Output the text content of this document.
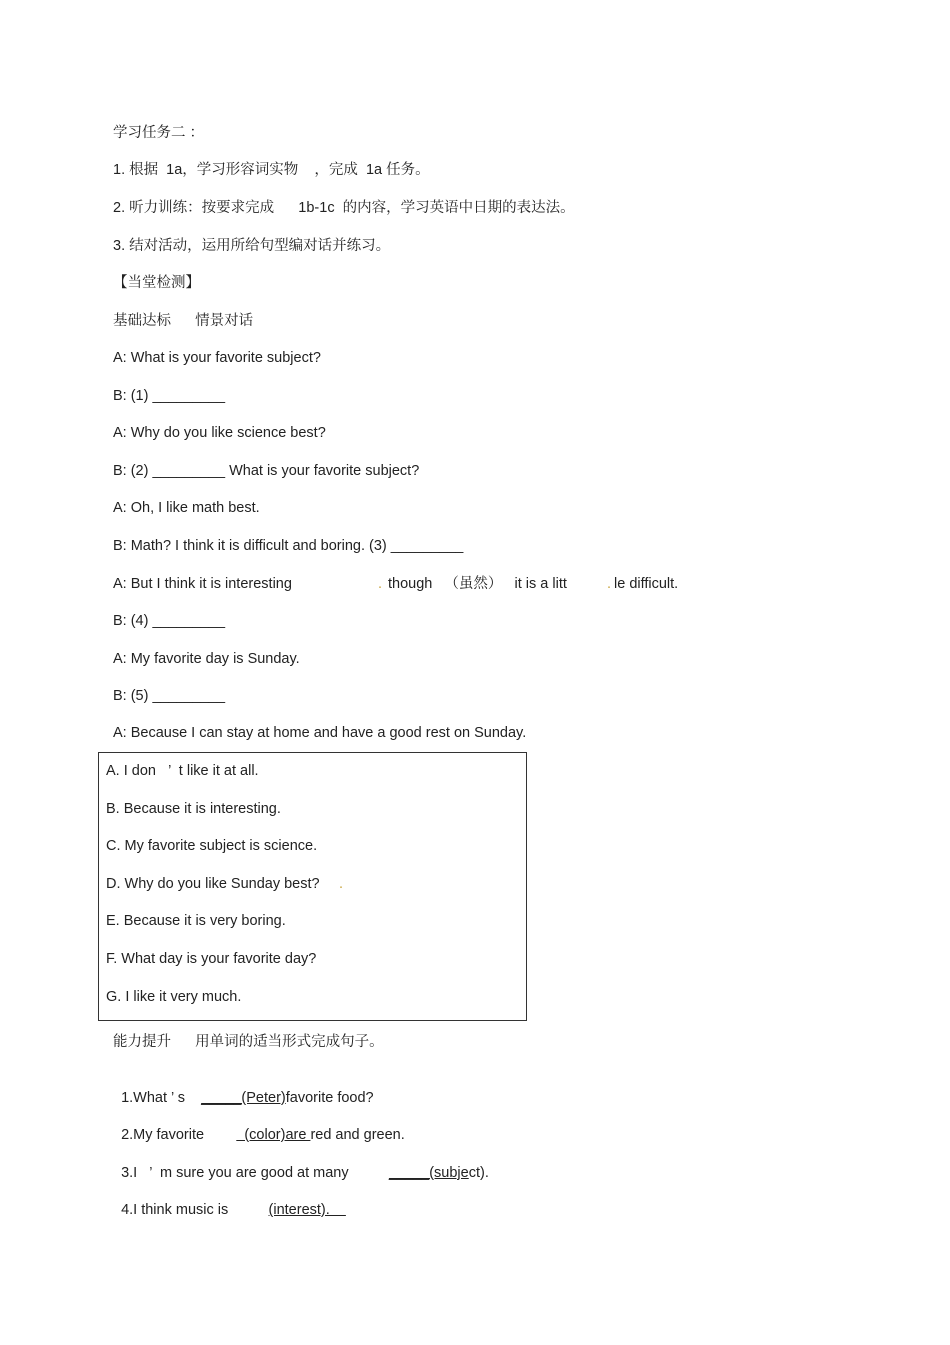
学习任务二 ：
1. 根据  1a，学习形容词实物    ，完成  1a 任务。
2. 听力训练：按要求完成      1b-1c  的内容，学习英语中日期的表达法。
3. 结对活动，运用所给句型编对话并练习。
【当堂检测】
基础达标      情景对话
A: What is your favorite subject?
B: (1) _________
A: Why do you like science best?
B: (2) _________ What is your favorite subject?
A: Oh, I like math best.
B: Math? I think it is difficult and boring. (3) _________
A: But I think it is interesting	. though   （虽然）   it is a litt	. le difficult.
B: (4) _________
A: My favorite day is Sunday.
B: (5) _________
A: Because I can stay at home and have a good rest on Sunday.
A. I don   ’  t like it at all.
B. Because it is interesting.
C. My favorite subject is science.
D. Why do you like Sunday best? .
E. Because it is very boring.
F. What day is your favorite day?
G. I like it very much.
能力提升      用单词的适当形式完成句子。

1.What ’ s    _____(Peter)favorite food?

2.My favorite          (color)are red and green.

3.I   ’  m sure you are good at many          _____(subject).

4.I think music is          (interest).
